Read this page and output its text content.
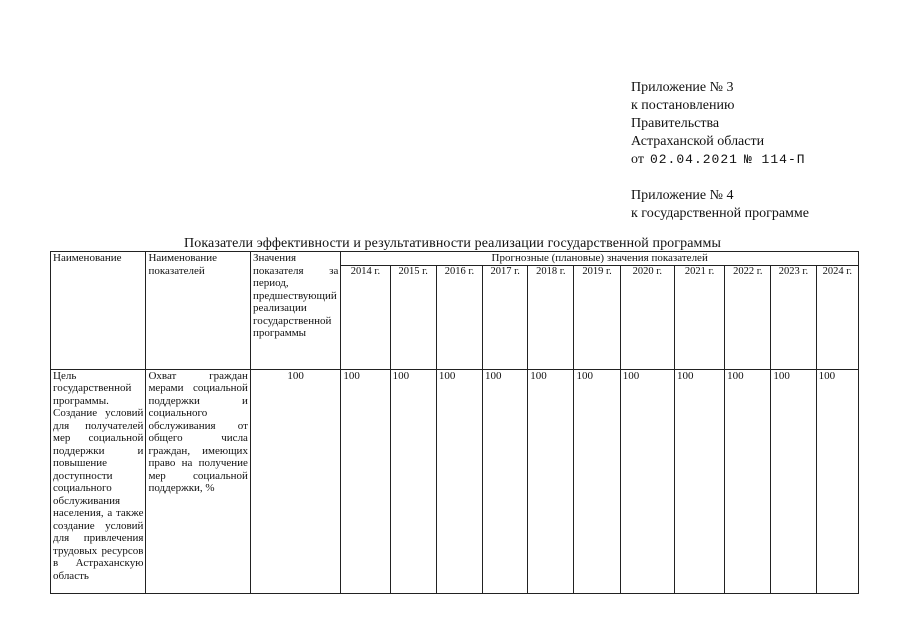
Приложение № 3
к постановлению
Правительства
Астраханской области
от 02.04.2021 № 114-П
Приложение № 4
к государственной программе
Показатели эффективности и результативности реализации государственной программы
Наименование	Наименование показателей	Значения показателя за период, предшествующий реализации государственной программы	Прогнозные (плановые) значения показателей										
			2014 г.	2015 г.	2016 г.	2017 г.	2018 г.	2019 г.	2020 г.	2021 г.	2022 г.	2023 г.	2024 г.
Цель государственной программы. Создание условий для получателей мер социальной поддержки и повышение доступности социального обслуживания населения, а также создание условий для привлечения трудовых ресурсов в Астраханскую область	Охват граждан мерами социальной поддержки и социального обслуживания от общего числа граждан, имеющих право на получение мер социальной поддержки, %	100	100	100	100	100	100	100	100	100	100	100	100
